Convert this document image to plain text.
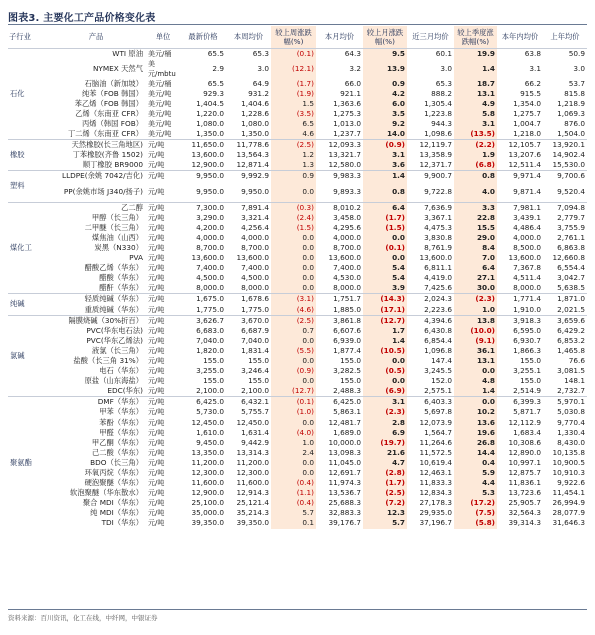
图表3. 主要化工产品价格变化表
子行业	产品	单位	最新价格	本周均价	较上周涨跌幅(%)	本月均价	较上月涨跌幅(%)	近三月均价	较上季度涨跌幅(%)	本年内均价	上年均价
石化	WTI 原油	美元/桶	65.5	65.3	(0.1)	64.3	9.5	60.1	19.9	63.8	50.9
	NYMEX 天然气	美元/mbtu	2.9	3.0	(12.1)	3.2	13.9	3.0	1.4	3.1	3.0
	石脑油（新加坡）	美元/桶	65.5	64.9	(1.7)	66.0	0.9	65.3	18.7	66.2	53.7
	纯苯（FOB 韩国）	美元/吨	929.3	931.2	(1.9)	921.1	4.2	888.2	13.1	915.5	815.8
	苯乙烯（FOB 韩国）	美元/吨	1,404.5	1,404.6	1.5	1,363.6	6.0	1,305.4	4.9	1,354.0	1,218.9
	乙烯（东南亚 CFR）	美元/吨	1,220.0	1,228.6	(3.5)	1,275.3	3.5	1,223.8	5.8	1,275.7	1,069.3
	丙烯（韩国 FOB）	美元/吨	1,080.0	1,080.0	6.5	1,013.0	9.2	944.3	3.1	1,004.7	876.0
	丁二烯（东南亚 CFR）	美元/吨	1,350.0	1,350.0	4.6	1,237.7	14.0	1,098.6	(13.5)	1,218.0	1,504.0
橡胶	天然橡胶(长三角地区)	元/吨	11,650.0	11,778.6	(2.5)	12,093.3	(0.9)	12,119.7	(2.2)	12,105.7	13,920.1
	丁苯橡胶(齐鲁 1502)	元/吨	13,600.0	13,564.3	1.2	13,321.7	3.1	13,358.9	1.9	13,207.6	14,902.4
	顺丁橡胶 BR9000	元/吨	12,900.0	12,871.4	1.3	12,580.0	3.6	12,371.7	(6.8)	12,511.4	15,530.0
塑料	LLDPE(余姚 7042/吉化)	元/吨	9,950.0	9,992.9	0.9	9,983.3	1.4	9,900.7	0.8	9,971.4	9,700.6
	PP(余姚市场 J340/扬子)	元/吨	9,950.0	9,950.0	0.0	9,893.3	0.8	9,722.8	4.0	9,871.4	9,520.4
煤化工	乙二醇	元/吨	7,300.0	7,891.4	(0.3)	8,010.2	6.4	7,636.9	3.3	7,981.1	7,094.8
	甲醇（长三角）	元/吨	3,290.0	3,321.4	(2.4)	3,458.0	(1.7)	3,367.1	22.8	3,439.1	2,779.7
	二甲醚（长三角）	元/吨	4,200.0	4,256.4	(1.5)	4,295.6	(1.5)	4,475.3	15.5	4,486.4	3,755.9
	煤焦油（山西）	元/吨	4,000.0	4,000.0	0.0	4,000.0	0.0	3,830.8	29.0	4,000.0	2,761.1
	炭黑（N330）	元/吨	8,700.0	8,700.0	0.0	8,700.0	(0.1)	8,761.9	8.4	8,500.0	6,863.8
	PVA	元/吨	13,600.0	13,600.0	0.0	13,600.0	0.0	13,600.0	7.0	13,600.0	12,660.8
	醋酸乙烯（华东）	元/吨	7,400.0	7,400.0	0.0	7,400.0	5.4	6,811.1	6.4	7,367.8	6,554.4
	醋酸（华东）	元/吨	4,500.0	4,500.0	0.0	4,530.0	5.4	4,419.0	27.1	4,511.4	3,042.7
	醋酐（华东）	元/吨	8,000.0	8,000.0	0.0	8,000.0	3.9	7,425.6	30.0	8,000.0	5,638.5
纯碱	轻质纯碱（华东）	元/吨	1,675.0	1,678.6	(3.1)	1,751.7	(14.3)	2,024.3	(2.3)	1,771.4	1,871.0
	重质纯碱（华东）	元/吨	1,775.0	1,775.0	(4.6)	1,885.0	(17.1)	2,223.6	1.0	1,910.0	2,021.5
氯碱	隔膜烧碱（30%折百）	元/吨	3,626.7	3,670.0	(2.5)	3,861.8	(12.7)	4,394.6	13.8	3,918.3	3,659.6
	PVC(华东电石法)	元/吨	6,683.0	6,687.9	0.7	6,607.6	1.7	6,430.8	(10.0)	6,595.0	6,429.2
	PVC(华东乙烯法)	元/吨	7,040.0	7,040.0	0.0	6,939.0	1.4	6,854.4	(9.1)	6,930.7	6,853.2
	液氯（长三角）	元/吨	1,820.0	1,831.4	(5.5)	1,877.4	(10.5)	1,096.8	36.1	1,866.3	1,465.8
	盐酸（长三角 31%）	元/吨	155.0	155.0	0.0	155.0	0.0	147.4	13.1	155.0	76.6
	电石（华东）	元/吨	3,255.0	3,246.4	(0.9)	3,282.5	(0.5)	3,245.5	0.0	3,255.1	3,081.5
	原盐（山东海盐）	元/吨	155.0	155.0	0.0	155.0	0.0	152.0	4.8	155.0	148.1
	EDC(华东)	元/吨	2,100.0	2,100.0	(12.7)	2,488.3	(6.9)	2,575.1	1.4	2,514.9	2,732.7
聚氨酯	DMF（华东）	元/吨	6,425.0	6,432.1	(0.1)	6,425.0	3.1	6,403.3	0.0	6,399.3	5,970.1
	甲苯（华东）	元/吨	5,730.0	5,755.7	(1.0)	5,863.1	(2.3)	5,697.8	10.2	5,871.7	5,030.8
	苯酚（华东）	元/吨	12,450.0	12,450.0	0.0	12,481.7	2.8	12,073.9	13.6	12,112.9	9,770.4
	甲醛（华东）	元/吨	1,610.0	1,631.4	(4.0)	1,689.0	6.9	1,564.7	19.6	1,683.4	1,330.4
	甲乙酮（华东）	元/吨	9,450.0	9,442.9	1.0	10,000.0	(19.7)	11,264.6	26.8	10,308.6	8,430.0
	己二酸（华东）	元/吨	13,350.0	13,314.3	2.4	13,098.3	21.6	11,572.5	14.4	12,890.0	10,135.8
	BDO（长三角）	元/吨	11,200.0	11,200.0	0.0	11,045.0	4.7	10,619.4	0.4	10,997.1	10,900.5
	环氧丙烷（华东）	元/吨	12,300.0	12,300.0	0.0	12,691.7	(2.8)	12,463.1	5.9	12,875.7	10,910.3
	硬泡聚醚（华东）	元/吨	11,600.0	11,600.0	(0.4)	11,974.3	(1.7)	11,833.3	4.4	11,836.1	9,922.6
	软泡聚醚（华东散水）	元/吨	12,900.0	12,914.3	(1.1)	13,536.7	(2.5)	12,834.3	5.3	13,723.6	11,454.1
	聚合 MDI（华东）	元/吨	25,100.0	25,121.4	(0.4)	25,688.3	(7.2)	27,178.3	(17.2)	25,905.7	26,994.9
	纯 MDI（华东）	元/吨	35,000.0	35,214.3	5.7	32,883.3	12.3	29,935.0	(7.5)	32,564.3	28,077.9
	TDI（华东）	元/吨	39,350.0	39,350.0	0.1	39,176.7	5.7	37,196.7	(5.8)	39,314.3	31,646.3
资料来源：百川资讯，化工在线，中纤网，中银证券
